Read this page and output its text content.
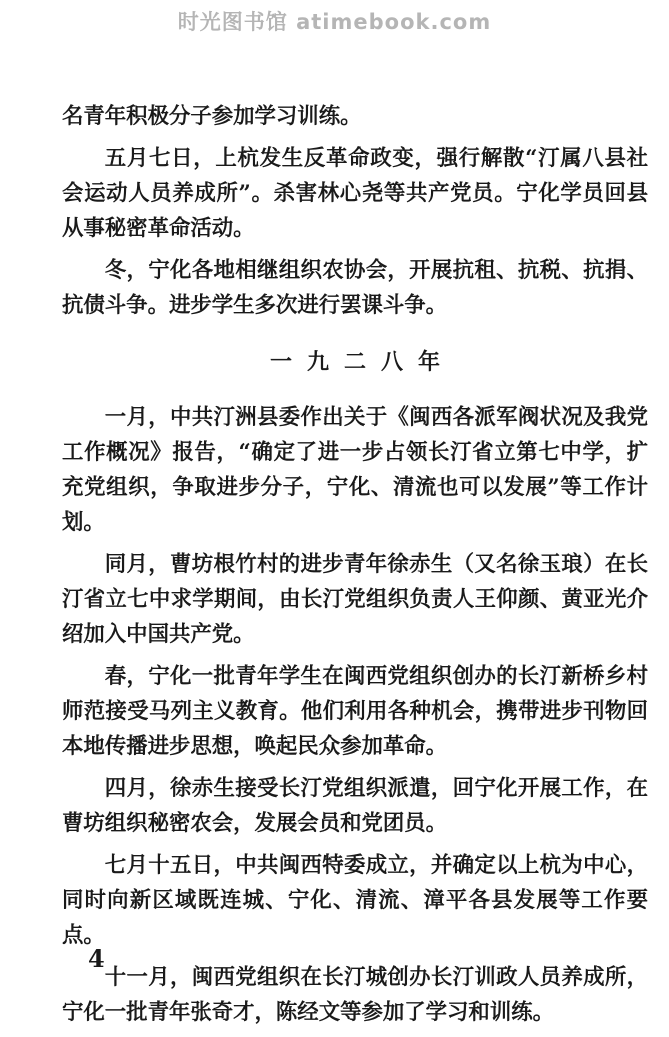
时光图书馆 atimebook.com

名青年积极分子参加学习训练。

五月七日，上杭发生反革命政变，强行解散“汀属八县社会运动人员养成所”。杀害林心尧等共产党员。宁化学员回县从事秘密革命活动。

冬，宁化各地相继组织农协会，开展抗租、抗税、抗捐、抗债斗争。进步学生多次进行罢课斗争。

一九二八年

一月，中共汀洲县委作出关于《闽西各派军阀状况及我党工作概况》报告，“确定了进一步占领长汀省立第七中学，扩充党组织，争取进步分子，宁化、清流也可以发展”等工作计划。

同月，曹坊根竹村的进步青年徐赤生（又名徐玉琅）在长汀省立七中求学期间，由长汀党组织负责人王仰颜、黄亚光介绍加入中国共产党。

春，宁化一批青年学生在闽西党组织创办的长汀新桥乡村师范接受马列主义教育。他们利用各种机会，携带进步刊物回本地传播进步思想，唤起民众参加革命。

四月，徐赤生接受长汀党组织派遣，回宁化开展工作，在曹坊组织秘密农会，发展会员和党团员。

七月十五日，中共闽西特委成立，并确定以上杭为中心，同时向新区域既连城、宁化、清流、漳平各县发展等工作要点。

十一月，闽西党组织在长汀城创办长汀训政人员养成所，宁化一批青年张奇才，陈经文等参加了学习和训练。

4
